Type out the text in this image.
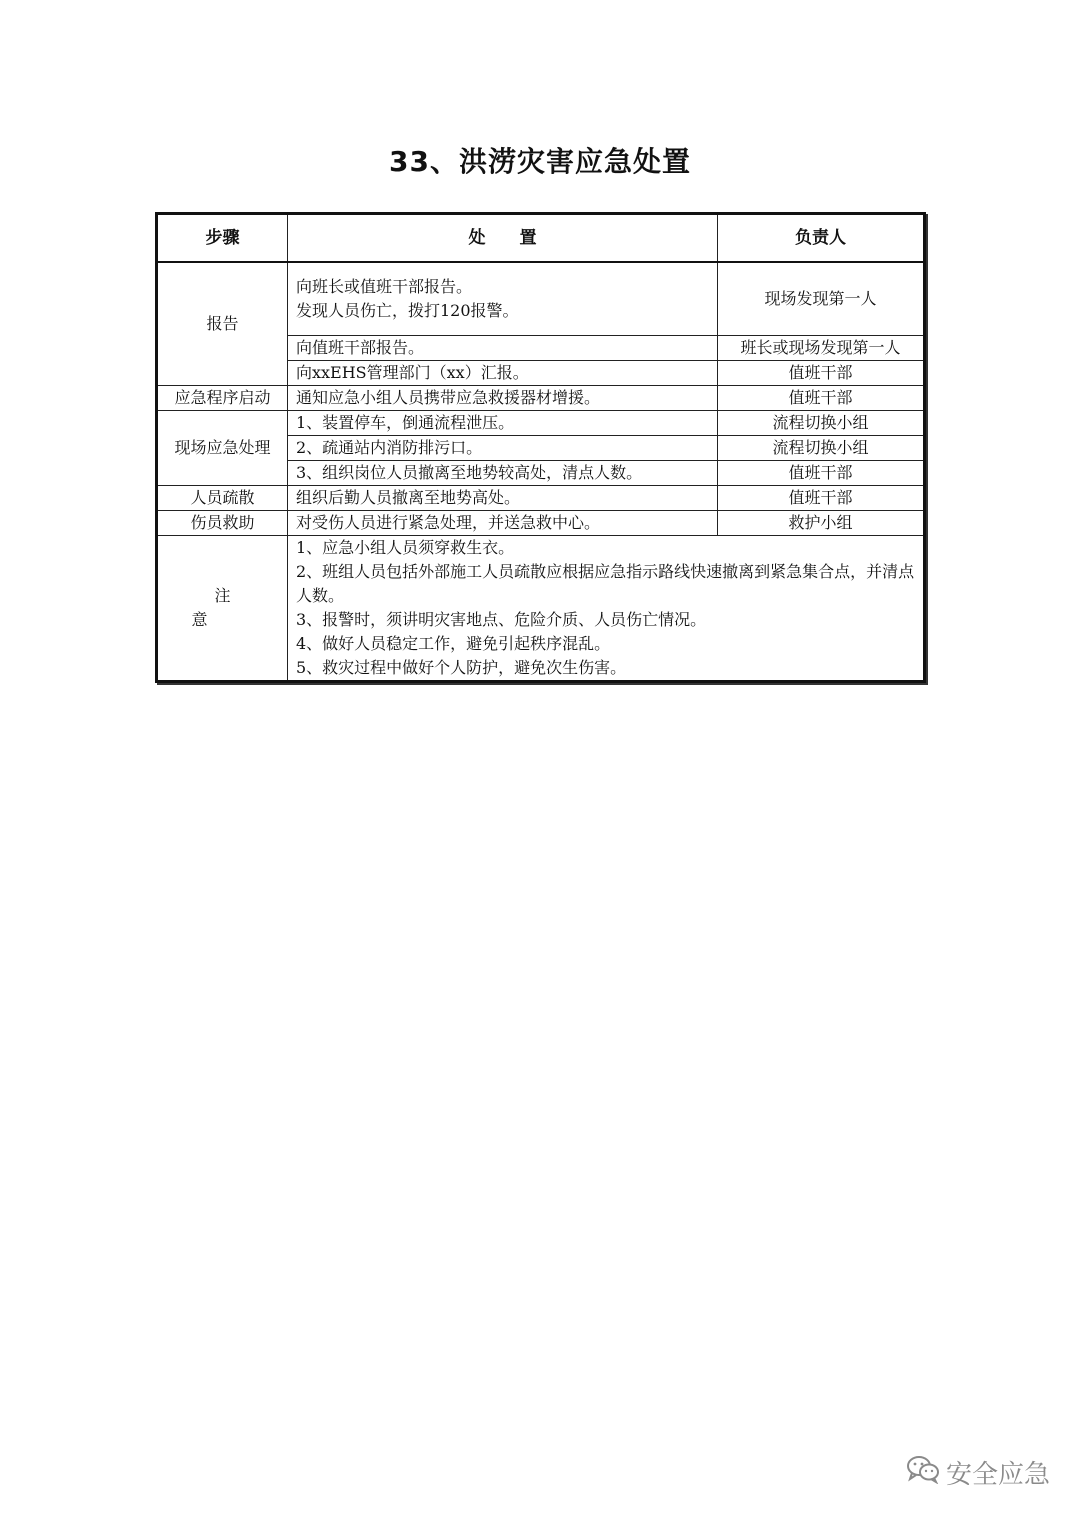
33、洪涝灾害应急处置
步骤	处　　置	负责人
报告	向班长或值班干部报告。
发现人员伤亡，拨打120报警。	现场发现第一人
	向值班干部报告。	班长或现场发现第一人
	向xxEHS管理部门（xx）汇报。	值班干部
应急程序启动	通知应急小组人员携带应急救援器材增援。	值班干部
现场应急处理	1、装置停车，倒通流程泄压。	流程切换小组
	2、疏通站内消防排污口。	流程切换小组
	3、组织岗位人员撤离至地势较高处，清点人数。	值班干部
人员疏散	组织后勤人员撤离至地势高处。	值班干部
伤员救助	对受伤人员进行紧急处理，并送急救中心。	救护小组
注意	1、应急小组人员须穿救生衣。
2、班组人员包括外部施工人员疏散应根据应急指示路线快速撤离到紧急集合点，并清点人数。
3、报警时，须讲明灾害地点、危险介质、人员伤亡情况。
4、做好人员稳定工作，避免引起秩序混乱。
5、救灾过程中做好个人防护，避免次生伤害。	
安全应急
